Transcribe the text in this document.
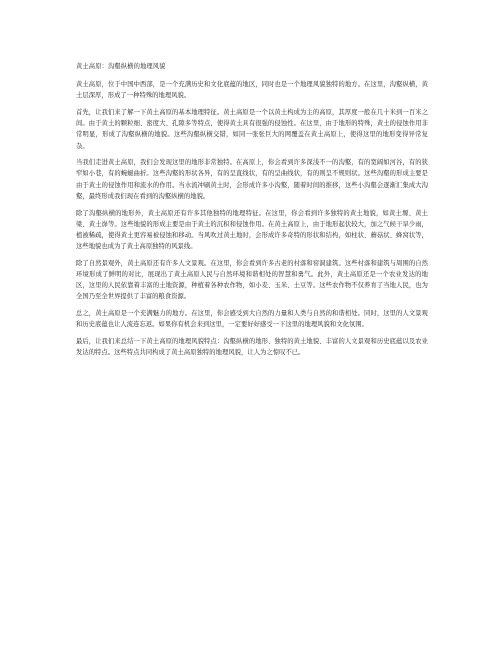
黄土高原：沟壑纵横的地理风貌

黄土高原，位于中国中西部，是一个充满历史和文化底蕴的地区，同时也是一个地理风貌独特的地方。在这里，沟壑纵横，黄土层深厚，形成了一种特殊的地理风貌。

首先，让我们来了解一下黄土高原的基本地理特征。黄土高原是一个以黄土构成为主的高原，其厚度一般在几十米到一百米之间。由于黄土的颗粒细、密度大、孔隙多等特点，使得黄土具有很强的侵蚀性。在这里，由于地形的特殊，黄土的侵蚀作用非常明显，形成了沟壑纵横的地貌。这些沟壑纵横交错，如同一张张巨大的网覆盖在黄土高原上，使得这里的地形变得异常复杂。

当我们走进黄土高原，我们会发现这里的地形非常独特。在高原上，你会看到许多深浅不一的沟壑，有的宽阔如河谷，有的狭窄如小巷，有的蜿蜒曲折。这些沟壑的形状各异，有的呈直线状，有的呈曲线状，有的则呈不规则状。这些沟壑的形成主要是由于黄土的侵蚀作用和流水的作用。当水流冲刷黄土时，会形成许多小沟壑，随着时间的推移，这些小沟壑会逐渐汇集成大沟壑，最终形成我们现在看到的沟壑纵横的地貌。

除了沟壑纵横的地形外，黄土高原还有许多其他独特的地理特征。在这里，你会看到许多独特的黄土地貌，如黄土塬、黄土梁、黄土峁等。这些地貌的形成主要是由于黄土的沉积和侵蚀作用。在黄土高原上，由于地形起伏较大，加之气候干旱少雨，植被稀疏，使得黄土更容易被侵蚀和移动。当风吹过黄土地时，会形成许多奇特的形状和结构，如柱状、蘑菇状、蜂窝状等，这些地貌也成为了黄土高原独特的风景线。

除了自然景观外，黄土高原还有许多人文景观。在这里，你会看到许多古老的村落和窑洞建筑。这些村落和建筑与周围的自然环境形成了鲜明的对比，展现出了黄土高原人民与自然环境和谐相处的智慧和勇气。此外，黄土高原还是一个农业发达的地区，这里的人民依靠着丰富的土地资源，种植着各种农作物，如小麦、玉米、土豆等。这些农作物不仅养育了当地人民，也为全国乃至全世界提供了丰富的粮食资源。

总之，黄土高原是一个充满魅力的地方。在这里，你会感受到大自然的力量和人类与自然的和谐相处。同时，这里的人文景观和历史底蕴也让人流连忘返。如果你有机会来到这里，一定要好好感受一下这里的地理风貌和文化氛围。

最后，让我们来总结一下黄土高原的地理风貌特点：沟壑纵横的地形、独特的黄土地貌、丰富的人文景观和历史底蕴以及农业发达的特点。这些特点共同构成了黄土高原独特的地理风貌，让人为之惊叹不已。
